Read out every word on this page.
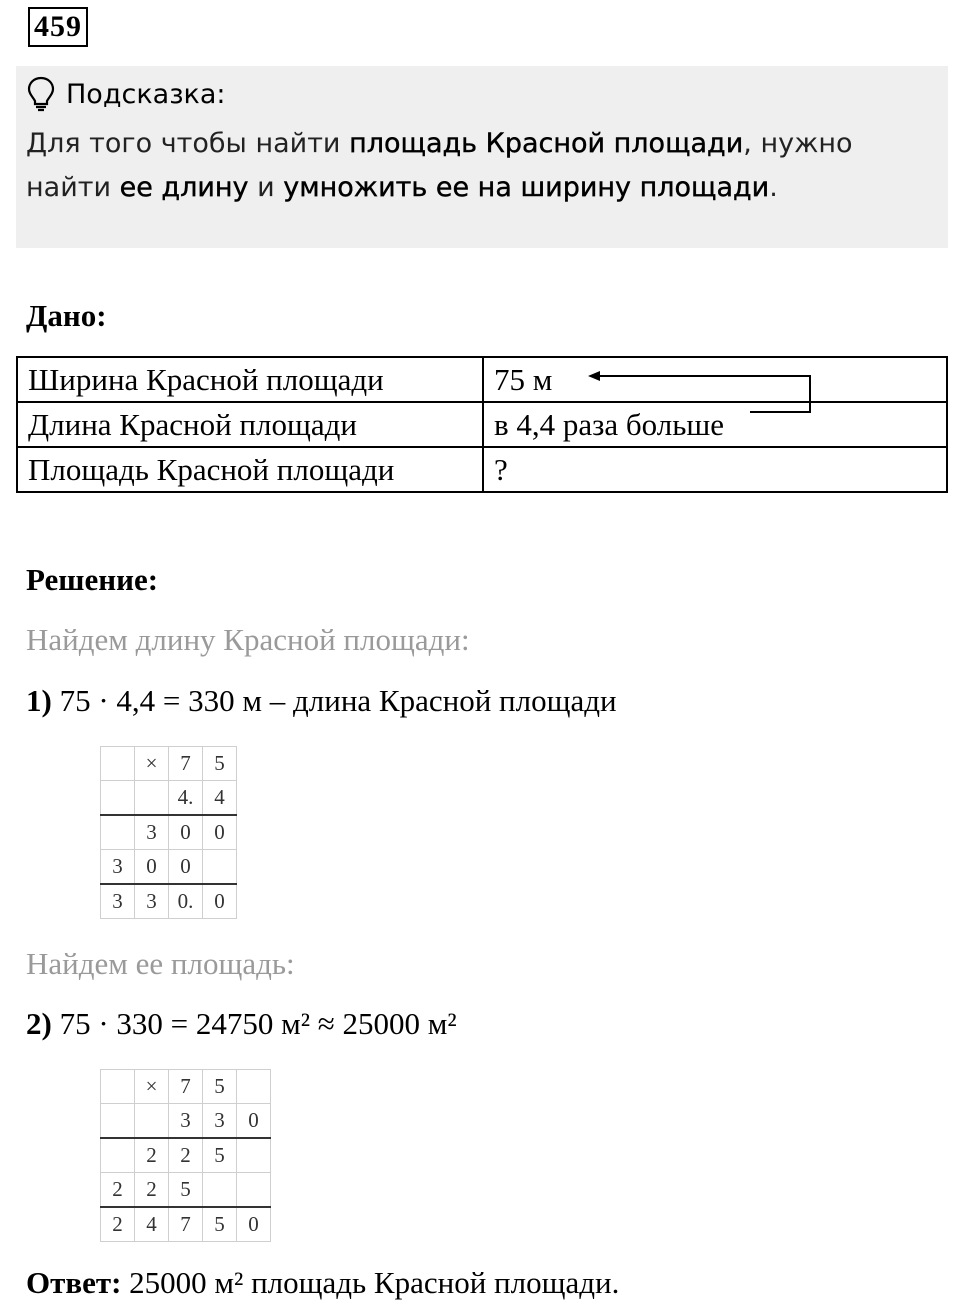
459
Подсказка:
Для того чтобы найти площадь Красной площади, нужно найти ее длину и умножить ее на ширину площади.
Дано:
Ширина Красной площади	75 м
Длина Красной площади	в 4,4 раза больше
Площадь Красной площади	?
Решение:
Найдем длину Красной площади:
1) 75 · 4,4 = 330 м – длина Красной площади
	×	7	5
		4.	4
	3	0	0
3	0	0	
3	3	0.	0
Найдем ее площадь:
2) 75 · 330 = 24750 м² ≈ 25000 м²
	×	7	5	
		3	3	0
	2	2	5	
2	2	5		
2	4	7	5	0
Ответ: 25000 м² площадь Красной площади.
